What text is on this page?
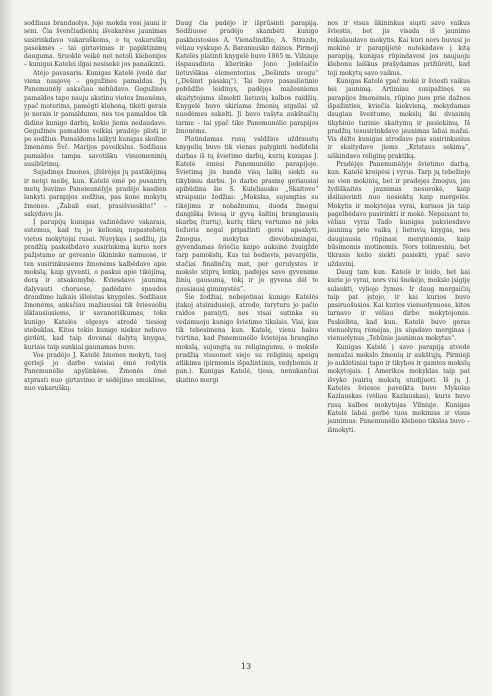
sodžiaus branduolys. Joje mokda vosi jauni ir seni. Čia švenčiadienių išvakarėse jaunimas susirinkdavo vakaruškoms, o tų vakaruškų pasekmės – tai girtavimas ir papiktinimų dauguma. Sruoklė veikė net netoli klebonijos – kunigui Katelei ilgai nesisekė jos panaikinti.

Atėjo pavasaris. Kunigas Katelė įvedė dar viena naujovę – gegužines pamaldas. Jų Panemunėly anksčiau nebūdavo. Gegužinės pamaldos tapo nauju akstinu vietos žmonėms, ypač moterims, pamėgti kleboną, tikėti gerais jo norais ir pamaldumu, nes tos pamaldos tik didino kunigo darbų, kokio jiems nedaudavo. Gegužinės pamaldos veikiai pradėjo plisti ir po sodžius. Pamaldoms laikyti kunigas skolino žmonėms Švč. Marijos paveikslus. Sodžiaus pamaldos tampa savotišku visuomeninių susibūrimų.

Sujudinęs žmones, įžiūrėjęs jų pastikėjimą ir netgi meilę, kun. Katelė ėmė po pusantrų metų buvimo Panemunėlyje pradėjo kasdien lankyti parapijos sodžius, pas kone mokytų žmones. „Žabali esat, prasišvieskite!“ – sakydavo jis.

Į parapijų kunigas važinėdavo vakarais, sutemus, kad tų jo kelionių nepastebėtų vietos mokytojai rusai. Nuvykęs į sodžių, jis pradžią paskelbdavo susirinkimą kurio nors pažįstamo ar geresnio ūkininko namuose, ir ten susirinkusiems žmonėms kalbėdavo apie mokslą, kaip gyventi, o paskui apie tikėjimą, dorą ir atsakomybę. Kviesdavo jaunimą dalyvauti choruose, padėdavo spaudos draudimo laikais išleistas knygeles. Sodžiaus žmonėms, anksčiau mažiausiai tik šviesuolių išklausiusiems, ir savanoriškumas, toks kunigo Katelės elgesys atrodė tiesiog stebuklas. Kitos tokio kunigo niekur nebuvo girdėti, kad taip dovanai dalytų knygas, kuriais taip sunkiai gaunamas buvo.

Vos pradėjo J. Katelė žmones mokyti, tuoj gerieji jo darbo vaisiai ėmė rodytis Panemunėlio apylinkėse. Žmonės ėmė atprasti nuo girtavimo ir sėdėjimo smuklėse, nuo vakaruškų.

Daug čia padėjo ir išprūsinti parapiją. Sodžiuose pradėjo skambėti kunigo paskleistosios A. Vienažindžio, A. Strazdo, vėliau vyskupo A. Baranausko dainos. Pirmoji Katelės platinti knygelė buvo 1865 m. Vilniuje išspausdinta klierinko Jono Jodelaičio lietuviškas elementorius „Dešimts uvogu“ („Dešimt pasakų“). Tai buvo pasaulietinio pobūdžio leidinys, padėjęs mažesniems skaitytojams išmokti lietuvių kalbos raidžių. Knygelė buvo skiriama žmonių atgailai už nuodėmes sukelti. Ji buvo rašyta aukštaičių tarme – tai ypač tiko Panemunėlio parapijos žmonėms.

Platindamas rusų valdžios uždraustų knygelių buvo tik vienas palyginti nedidelis darbas iš tų švietimo darbų, kurių kunigas J. Katelė ėmėsi Panemunėlio parapijoje. Švietimą jis bandė visų laikų siekti su tikybiniu darbu. Jo darbo prasmę geriausiai apibūdina šie S. Kuleliausko „Skaitovo“ straipsnio žodžiai: „Mokslas, sujungtas su tikėjimu ir nobažnumu, duoda žmogui dangišką šviesą ir gyvą šaltinį brangiausių skarbų (turtų), kurių tikrų vertumo nė joks liežuvis negal pripažinti gerai apsakyti. Žmogus, mokytas dievobaimingai, gyvendamas šviečia kaipo auksinė žvaigždė tarp pamokslų. Kas tai bedievis, pavargėlis, stačiai finalinčių mat, per gerulystes ir mokslo stiprų lenkų, padėjęs savo gyvenime žinių gausumą, tokį ir jo gyvena dėl to gausiausį giminystės“.

Šie žodžiai, nebejotinai kunigo Katelės įtakoj atsiradusieji, atrodo, taryturu jo pačio raidos paraiyti, nes visai sutinka su vedamuoju kunigo švietimo tikslais. Visi, kas tik tebesimena kun. Katelę, vienu balsu tvirtina, kad Panemunėlio švietėjas brangino mokslą, sujungtą su religingumu, o mokslo pradžią visuomet siejo su religinių apeigų atlikimu (pirmomis išpažintimis, vedybomis ir pan.). Kunigas Katelė, tiesa, nenukančiai skatino mergi

nos ir visus ūkininkus siųsti savo vaikus šviestis, bet jis visada iš jaunimo reikalaudavo mokytis. Kai kuri nors buvusi jo mokinė ir parapijietė nutekėdavo į kitą parapiją, kunigas rūpindavosi jos naujuoju klebonu laiškus prašydamas prižiūrėti, kad toji mokytų savo vaikus.

Kunigas Katelė ypač mokė ir šviesti vaikus bei jaunimą. Artimiau susipažinęs su parapijos žmonėmis, rūpino juos prie dažnos išpažinties, kviečia kiekvieną, mokydamas daugiau šventumo, mokslų iki dvasinių tikybinio turinio skaitymų ir pasiekimų. Iš pradžių tesusirinkdavo jaunimas labai mažai. Vis dėlto kunigas atrodavo pas susirinkusius ir skaitydavo jiems „Kristaus sekimą“, aiškindavo religinę praktiką.

Pradėjęs Panemunėlyje švietimo darbą, kun. Katelė kreipėsi į vyrus. Tarp jų tebežiojo ne vien mokinių, bet ir pradėjęs žmogus, jau žydiškaitės jaunimas nesuvokė, kaip išsilaisvinti nuo nesiektų kaip mergelės. Mokytis ir mokytojas vyrai, kuriuos jis taip pagelbėdavo pasirinkti ir mokė. Nepaisant to, vėliau vyrai Tado kunigas pakviesdavo jaunimą prie vaikų į lietuvių knygas, nes daugiausia rūpinasi merginomis, kaip būsimomis motinomis. Nors tolimesniu, bet tikrasis kelio siekti pasiekti, ypač savo uždavinį.

Daug tam kun. Katelė ir leido, bet kai kurie jo vyrai, nors visi šnekėjo, mokslo įsigiję sulaukti, vyliojo žymes. Ir daug mergaičių taip pat įstojo, ir kai kurios buvo pasiruošusios. Kai kurios vienuolynuose, kitos tarnavo ir vėliau dirbo mokytojomis. Paskelbta, kad kun. Katelė buvo geras vienuolynų rėmėjas, jis siųsdavo merginas į vienuolynus „Tebūnie jaunimas mokytas“.

Kunigas Katelė į savo parapiją atvedė nemažai mokslo žmonių ir aukštųjų. Pirmieji jo auklėtiniai tapo ir tikybos ir gamtos mokslų mokytojais. Į Amerikos mokyklas taip pat išvyko įvairių mokslų studijuoti. Iš jų J. Katelės šviesos paveikta buvo Mykolas Kazlauskas (vėliau Kazlauskas), kuris buvo rusų kalbos mokytojas Vilniuje. Kunigas Katelė labai gerbė tuos mokinius ir visus jaunimus: Panemunėlio klebono tikslas buvo – išmokyti.

13
